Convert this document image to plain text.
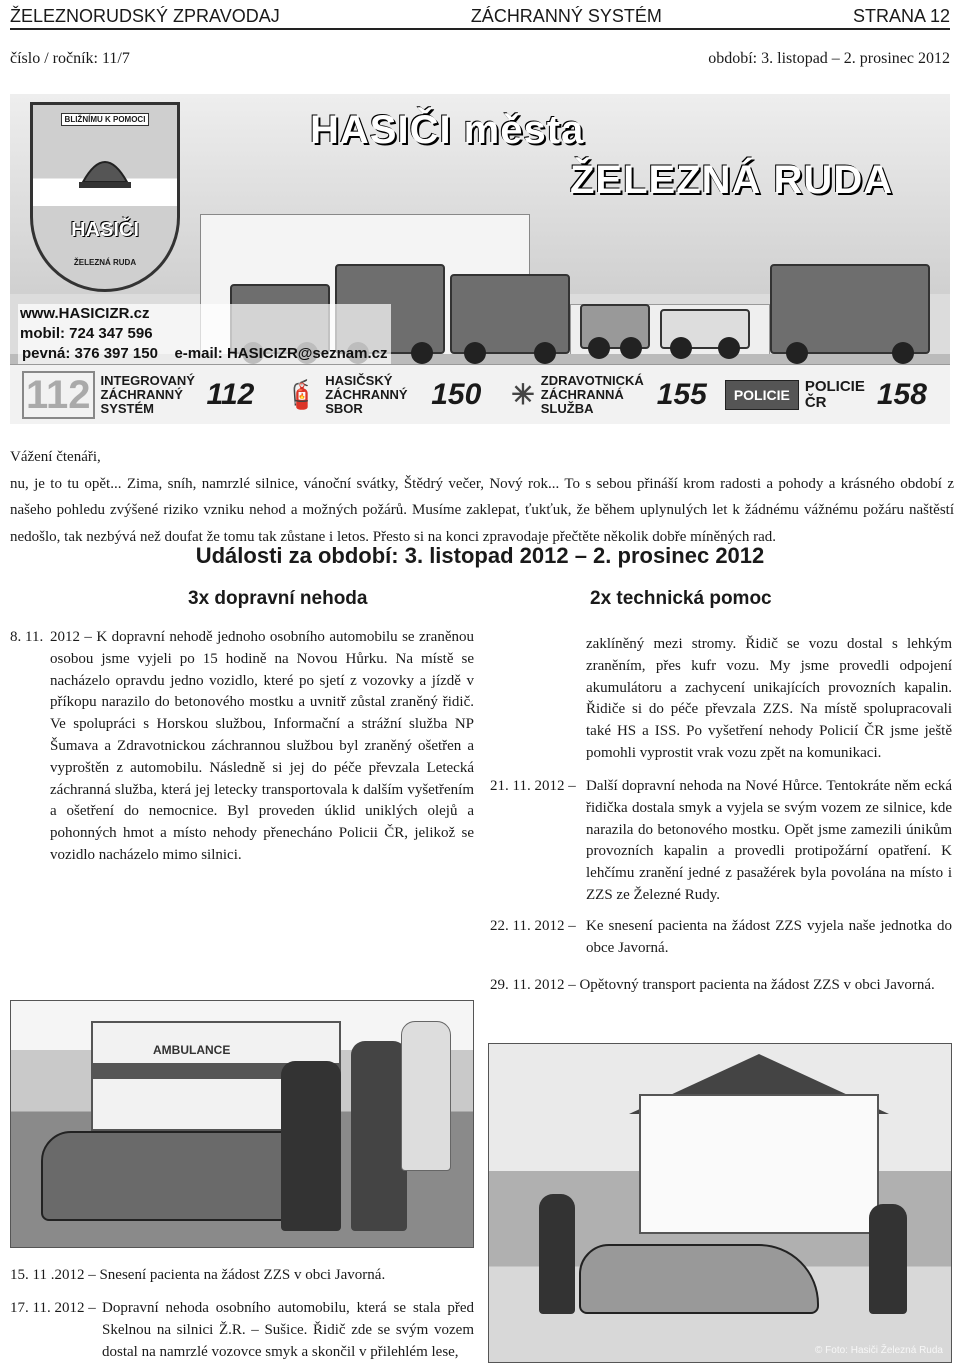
ŽELEZNORUDSKÝ ZPRAVODAJ	ZÁCHRANNÝ SYSTÉM	STRANA 12
číslo / ročník: 11/7	období: 3. listopad – 2. prosinec 2012
BLIŽNÍMU K POMOCI
HASIČI
ŽELEZNÁ RUDA
HASIČI města
ŽELEZNÁ RUDA
www.HASICIZR.cz
mobil: 724 347 596
pevná: 376 397 150 e-mail: HASICIZR@seznam.cz
112 INTEGROVANÝ ZÁCHRANNÝ SYSTÉM	112 🧯 HASIČSKÝ ZÁCHRANNÝ SBOR	150 ✳ ZDRAVOTNICKÁ ZÁCHRANNÁ SLUŽBA	155	POLICIE	POLICIE ČR	158

Vážení čtenáři,

nu, je to tu opět... Zima, sníh, namrzlé silnice, vánoční svátky, Štědrý večer, Nový rok... To s sebou přináší krom radosti a pohody a krásného období z našeho pohledu zvýšené riziko vzniku nehod a možných požárů. Musíme zaklepat, ťukťuk, že během uplynulých let k žádnému vážnému požáru naštěstí nedošlo, tak nezbývá než doufat že tomu tak zůstane i letos. Přesto si na konci zpravodaje přečtěte několik dobře míněných rad.

Události za období: 3. listopad 2012 – 2. prosinec 2012
3x dopravní nehoda	2x technická pomoc
8. 11. 2012 – K dopravní nehodě jednoho osobního automobilu se zraněnou osobou jsme vyjeli po 15 hodině na Novou Hůrku. Na místě se nacházelo opravdu jedno vozidlo, které po sjetí z vozovky a jízdě v příkopu narazilo do betonového mostku a uvnitř zůstal zraněný řidič. Ve spolupráci s Horskou službou, Informační a strážní služba NP Šumava a Zdravotnickou záchrannou službou byl zraněný ošetřen a vyproštěn z automobilu. Následně si jej do péče převzala Letecká záchranná služba, která jej letecky transportovala k dalším vyšetřením a ošetření do nemocnice. Byl proveden úklid uniklých olejů a pohonných hmot a místo nehody přenecháno Policii ČR, jelikož se vozidlo nacházelo mimo silnici.
zaklíněný mezi stromy. Řidič se vozu dostal s lehkým zraněním, přes kufr vozu. My jsme provedli odpojení akumulátoru a zachycení unikajících provozních kapalin. Řidiče si do péče převzala ZZS. Na místě spolupracovali také HS a ISS. Po vyšetření nehody Policií ČR jsme ještě pomohli vyprostit vrak vozu zpět na komunikaci.
21. 11. 2012 – Další dopravní nehoda na Nové Hůrce. Tentokráte něm ecká řidička dostala smyk a vyjela se svým vozem ze silnice, kde narazila do betonového mostku. Opět jsme zamezili únikům provozních kapalin a provedli protipožární opatření. K lehčímu zranění jedné z pasažérek byla povolána na místo i ZZS ze Železné Rudy.
22. 11. 2012 – Ke snesení pacienta na žádost ZZS vyjela naše jednotka do obce Javorná.
29. 11. 2012 – Opětovný transport pacienta na žádost ZZS v obci Javorná.
AMBULANCE
© Foto: Hasiči Železná Ruda
15. 11 .2012 – Snesení pacienta na žádost ZZS v obci Javorná.
17. 11. 2012 – Dopravní nehoda osobního automobilu, která se stala před Skelnou na silnici Ž.R. – Sušice. Řidič zde se svým vozem dostal na namrzlé vozovce smyk a skončil v přilehlém lese,
